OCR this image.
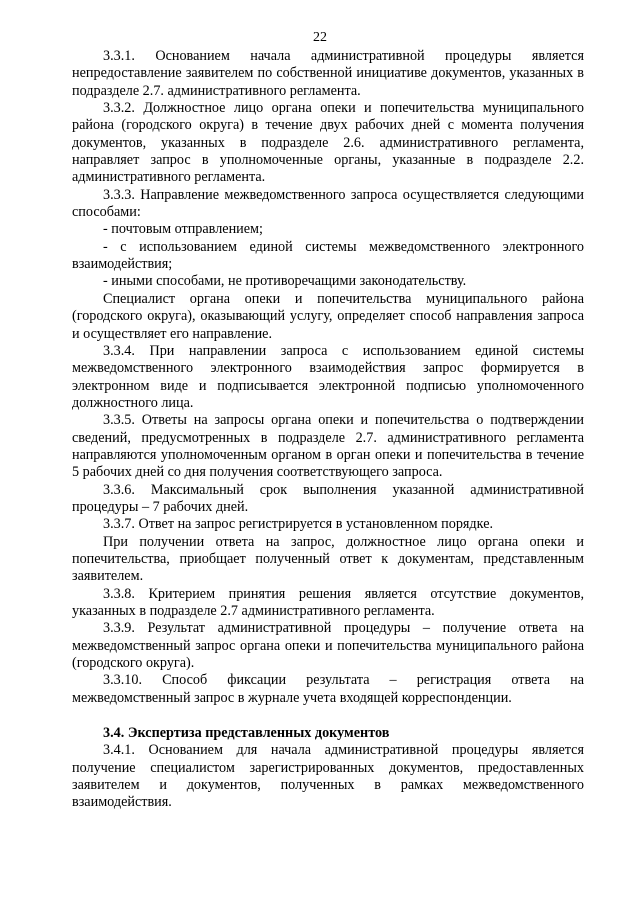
22

3.3.1. Основанием начала административной процедуры является непредоставление заявителем по собственной инициативе документов, указанных в подразделе 2.7. административного регламента.

3.3.2. Должностное лицо органа опеки и попечительства муниципального района (городского округа) в течение двух рабочих дней с момента получения документов, указанных в подразделе 2.6. административного регламента, направляет запрос в уполномоченные органы, указанные в подразделе 2.2. административного регламента.

3.3.3. Направление межведомственного запроса осуществляется следующими способами:

- почтовым отправлением;

- с использованием единой системы межведомственного электронного взаимодействия;

- иными способами, не противоречащими законодательству.

Специалист органа опеки и попечительства муниципального района (городского округа), оказывающий услугу, определяет способ направления запроса и осуществляет его направление.

3.3.4. При направлении запроса с использованием единой системы межведомственного электронного взаимодействия запрос формируется в электронном виде и подписывается электронной подписью уполномоченного должностного лица.

3.3.5. Ответы на запросы органа опеки и попечительства о подтверждении сведений, предусмотренных в подразделе 2.7. административного регламента направляются уполномоченным органом в орган опеки и попечительства в течение 5 рабочих дней со дня получения соответствующего запроса.

3.3.6. Максимальный срок выполнения указанной административной процедуры – 7 рабочих дней.

3.3.7. Ответ на запрос регистрируется в установленном порядке.

При получении ответа на запрос, должностное лицо органа опеки и попечительства, приобщает полученный ответ к документам, представленным заявителем.

3.3.8. Критерием принятия решения является отсутствие документов, указанных в подразделе 2.7 административного регламента.

3.3.9. Результат административной процедуры – получение ответа на межведомственный запрос органа опеки и попечительства муниципального района (городского округа).

3.3.10. Способ фиксации результата – регистрация ответа на межведомственный запрос в журнале учета входящей корреспонденции.

3.4. Экспертиза представленных документов

3.4.1. Основанием для начала административной процедуры является получение специалистом зарегистрированных документов, предоставленных заявителем и документов, полученных в рамках межведомственного взаимодействия.
